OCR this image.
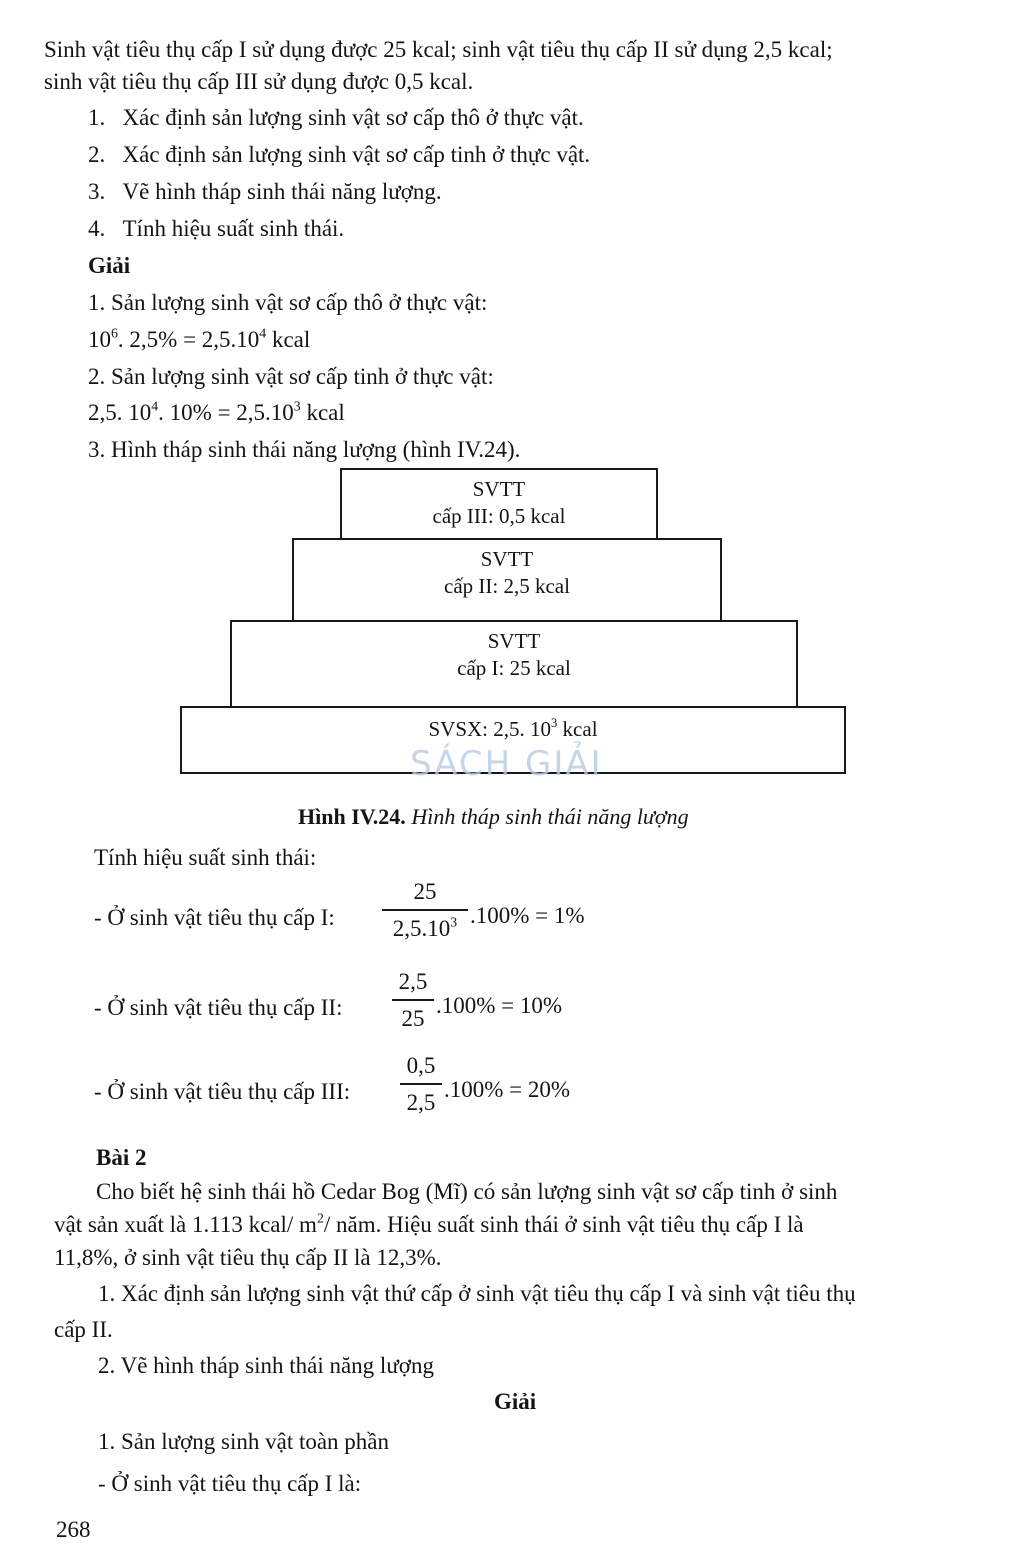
Sinh vật tiêu thụ cấp I sử dụng được 25 kcal; sinh vật tiêu thụ cấp II sử dụng 2,5 kcal;
sinh vật tiêu thụ cấp III sử dụng được 0,5 kcal.
1. Xác định sản lượng sinh vật sơ cấp thô ở thực vật.
2. Xác định sản lượng sinh vật sơ cấp tinh ở thực vật.
3. Vẽ hình tháp sinh thái năng lượng.
4. Tính hiệu suất sinh thái.
Giải
1. Sản lượng sinh vật sơ cấp thô ở thực vật:
$10^6$. $2,5\% = 2,5.10^4$ kcal
2. Sản lượng sinh vật sơ cấp tinh ở thực vật:
2,5. $10^4$. $10\% = 2,5.10^3$ kcal
3. Hình tháp sinh thái năng lượng (hình IV.24).
SVTT
cấp III: 0,5 kcal
SVTT
cấp II: 2,5 kcal
SVTT
cấp I: 25 kcal
SVSX: 2,5. $10^3$ kcal
SÁCH GIẢI
Hình IV.24. Hình tháp sinh thái năng lượng
Tính hiệu suất sinh thái:
- Ở sinh vật tiêu thụ cấp I:
25
2,5.10$^3$ .100% = 1%
- Ở sinh vật tiêu thụ cấp II:
2,5
25
.100% = 10%
- Ở sinh vật tiêu thụ cấp III:
0,5
2,5
.100% = 20%
Bài 2
Cho biết hệ sinh thái hồ Cedar Bog (Mĩ) có sản lượng sinh vật sơ cấp tinh ở sinh
vật sản xuất là 1.113 kcal/ $m^2/$ năm. Hiệu suất sinh thái ở sinh vật tiêu thụ cấp I là
11,8%, ở sinh vật tiêu thụ cấp II là 12,3%.
1. Xác định sản lượng sinh vật thứ cấp ở sinh vật tiêu thụ cấp I và sinh vật tiêu thụ
cấp II.
2. Vẽ hình tháp sinh thái năng lượng
Giải
1. Sản lượng sinh vật toàn phần
- Ở sinh vật tiêu thụ cấp I là:
268
